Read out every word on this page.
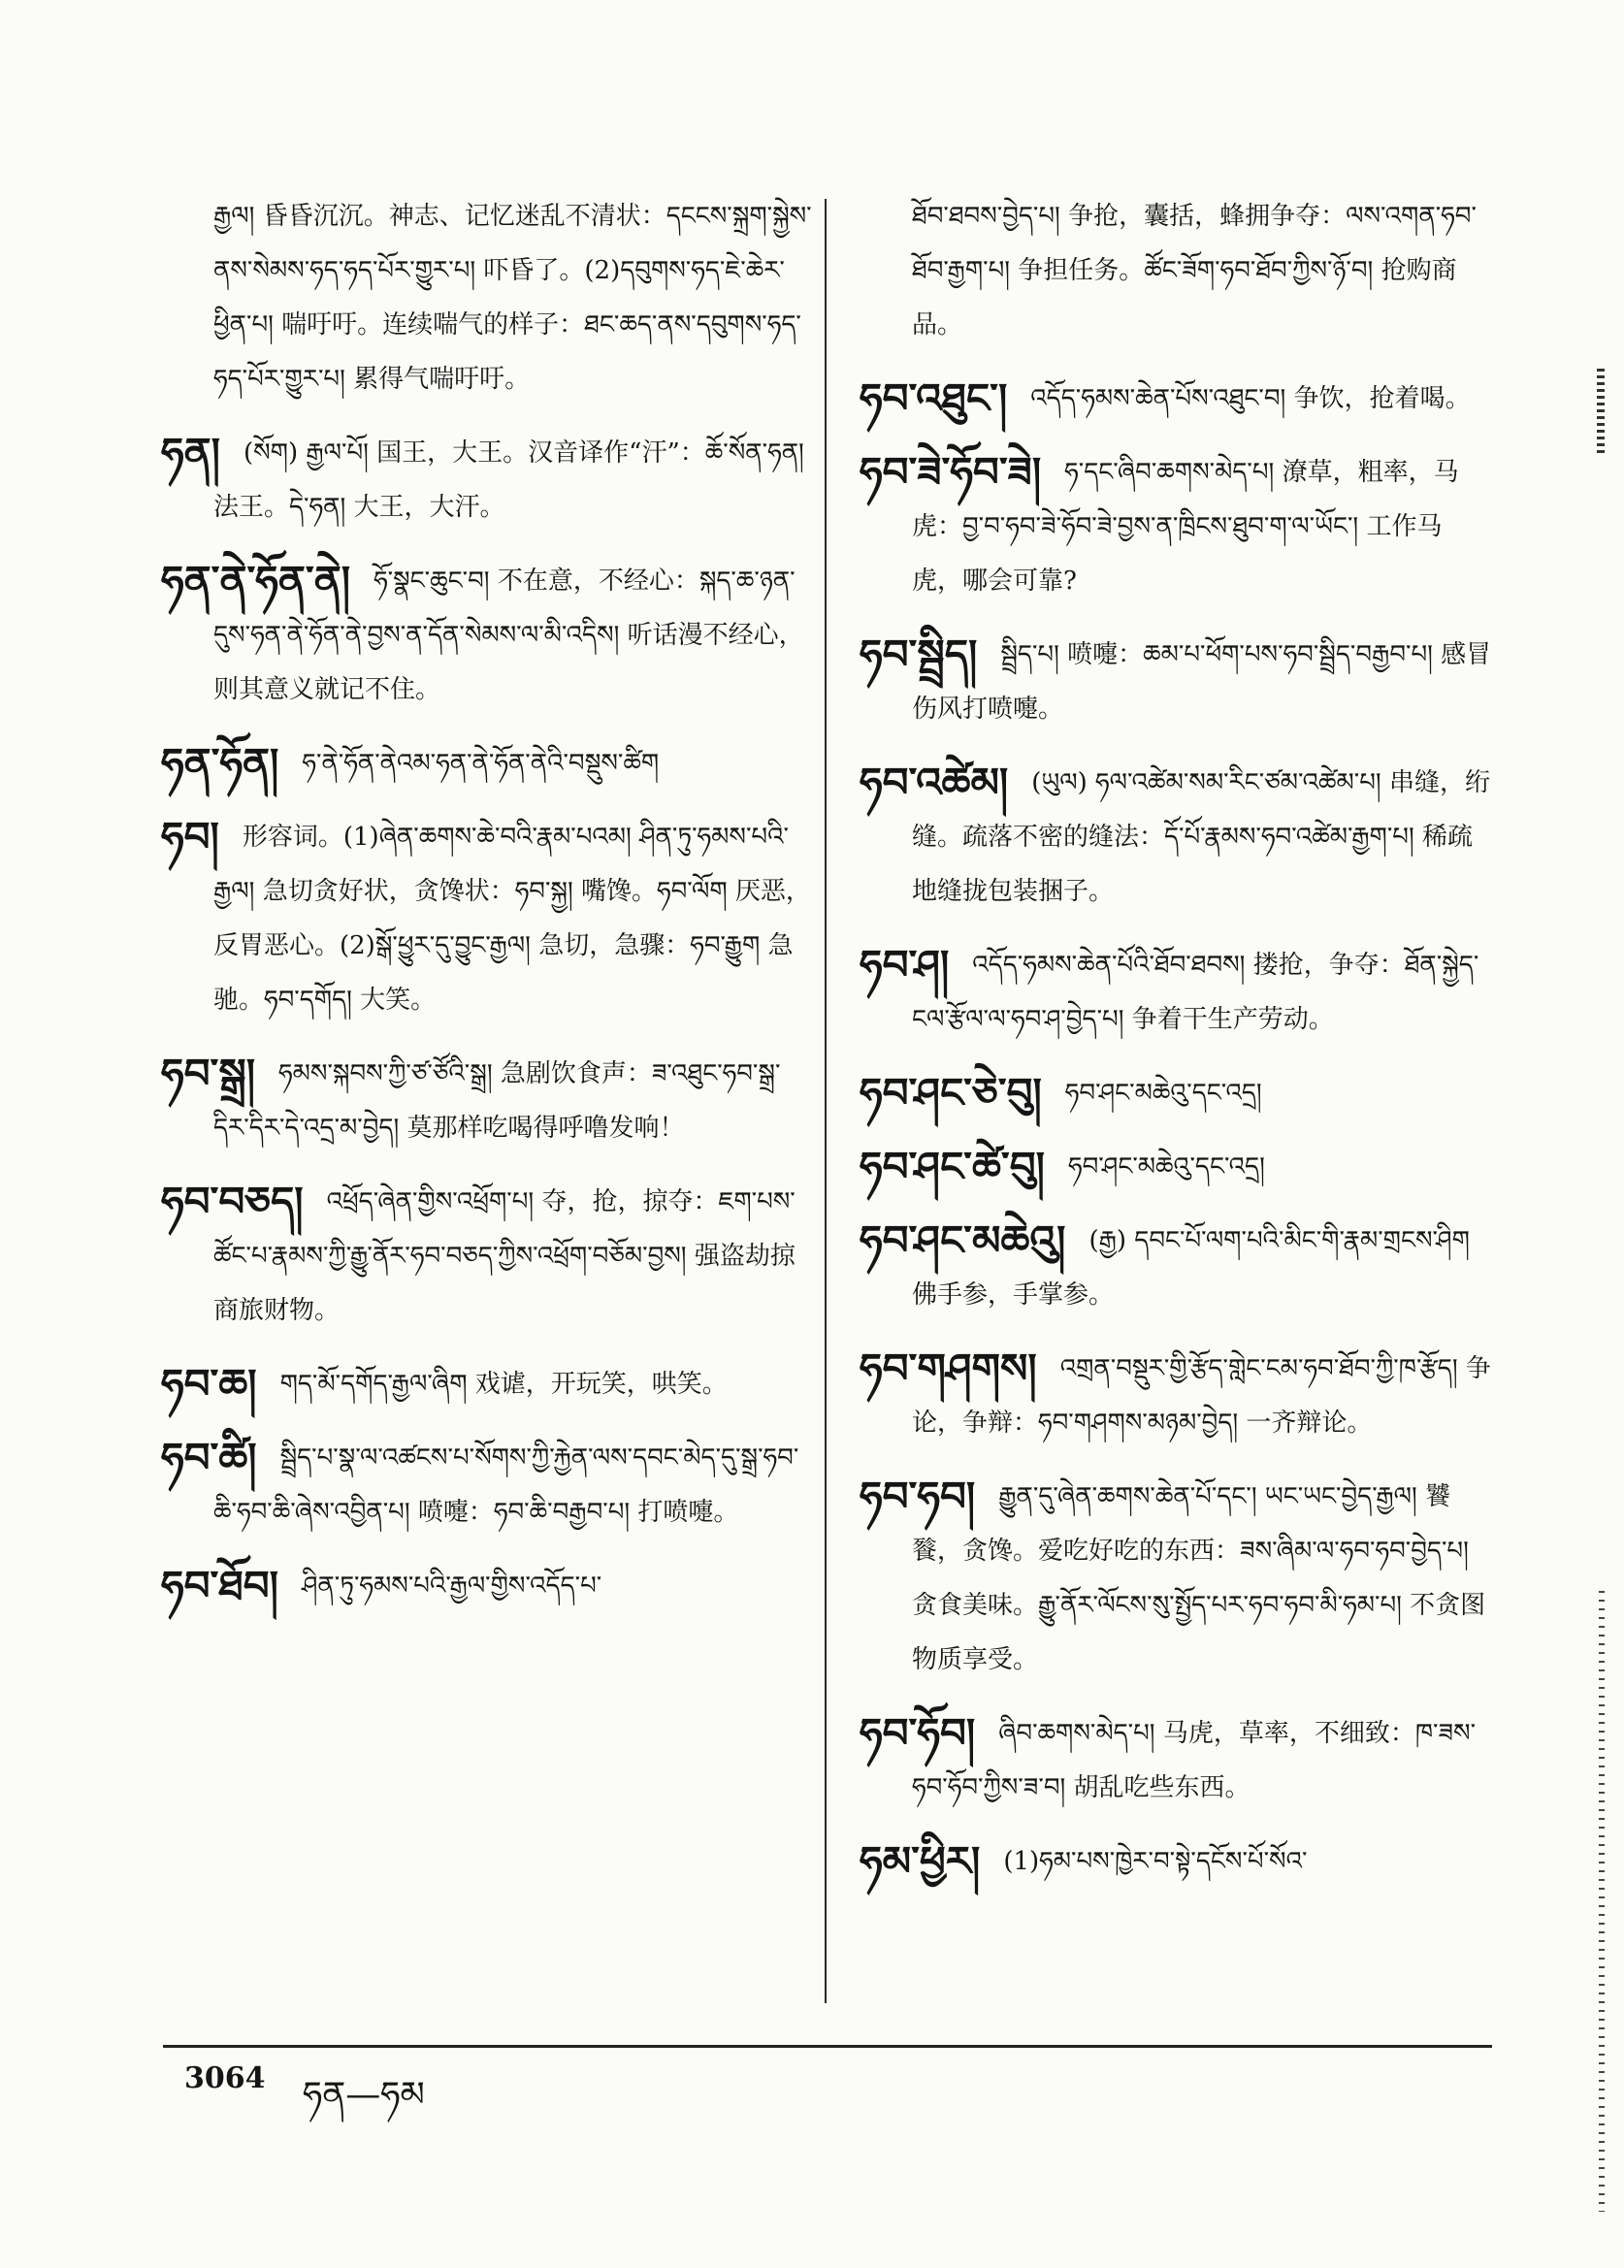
རྒྱལ། 昏昏沉沉。神志、记忆迷乱不清状：དངངས་སྐྲག་སྐྱེས་ནས་སེམས་ཧད་ཧད་པོར་གྱུར་པ། 吓昏了。(2)དབུགས་ཧད་ཇེ་ཆེར་ཕྱིན་པ། 喘吁吁。连续喘气的样子：ཐང་ཆད་ནས་དབུགས་ཧད་ཧད་པོར་གྱུར་པ། 累得气喘吁吁。
ཧན། (སོག) རྒྱལ་པོ། 国王，大王。汉音译作“汗”：ཆོ་སོན་ཧན། 法王。དེ་ཧན། 大王，大汗。
ཧན་ནེ་ཧོན་ནེ། ཧོ་སྣང་ཆུང་བ། 不在意，不经心：སྐད་ཆ་ཉན་དུས་ཧན་ནེ་ཧོན་ནེ་བྱས་ན་དོན་སེམས་ལ་མི་འདིས། 听话漫不经心，则其意义就记不住。
ཧན་ཧོན། ཧ་ནེ་ཧོན་ནེའམ་ཧན་ནེ་ཧོན་ནེའི་བསྡུས་ཚིག
ཧབ། 形容词。(1)ཞེན་ཆགས་ཆེ་བའི་རྣམ་པའམ། ཤིན་ཏུ་ཧམས་པའི་རྒྱལ། 急切贪好状，贪馋状：ཧབ་སྐྱ། 嘴馋。ཧབ་ལོག 厌恶，反胃恶心。(2)སྒོ་ཕྱུར་དུ་བྱུང་རྒྱལ། 急切，急骤：ཧབ་རྒྱུག 急驰。ཧབ་དགོད། 大笑。
ཧབ་སྒྲ། ཧམས་སྐབས་ཀྱི་ཙ་ཙོའི་སྒྲ། 急剧饮食声：ཟ་འཐུང་ཧབ་སྒྲ་དིར་དིར་དེ་འདྲ་མ་བྱེད། 莫那样吃喝得呼噜发响！
ཧབ་བཅད། འཕྲོད་ཞེན་གྱིས་འཕྲོག་པ། 夺，抢，掠夺：ཇག་པས་ཚོང་པ་རྣམས་ཀྱི་རྒྱུ་ནོར་ཧབ་བཅད་ཀྱིས་འཕྲོག་བཅོམ་བྱས། 强盗劫掠商旅财物。
ཧབ་ཆ། གད་མོ་དགོད་རྒྱལ་ཞིག 戏谑，开玩笑，哄笑。
ཧབ་ཚི། སྦྲིད་པ་སྣ་ལ་འཚངས་པ་སོགས་ཀྱི་རྐྱེན་ལས་དབང་མེད་དུ་སྒྲ་ཧབ་ཆི་ཧབ་ཆི་ཞེས་འབྱིན་པ། 喷嚏：ཧབ་ཆི་བརྒྱབ་པ། 打喷嚏。
ཧབ་ཐོབ། ཤིན་ཏུ་ཧམས་པའི་རྒྱལ་གྱིས་འདོད་པ་
ཐོབ་ཐབས་བྱེད་པ། 争抢，囊括，蜂拥争夺：ལས་འགན་ཧབ་ཐོབ་རྒྱག་པ། 争担任务。ཚོང་ཟོག་ཧབ་ཐོབ་ཀྱིས་ཉོ་བ། 抢购商品。
ཧབ་འཐུང་། འདོད་ཧམས་ཆེན་པོས་འཐུང་བ། 争饮，抢着喝。
ཧབ་ཟེ་ཧོབ་ཟེ། ཧ་དང་ཞིབ་ཆགས་མེད་པ། 潦草，粗率，马虎：བྱ་བ་ཧབ་ཟེ་ཧོབ་ཟེ་བྱས་ན་ཁྲིངས་ཐུབ་ག་ལ་ཡོང་། 工作马虎，哪会可靠?
ཧབ་སྦྲིད། སྦྲིད་པ། 喷嚏：ཆམ་པ་ཕོག་པས་ཧབ་སྦྲིད་བརྒྱབ་པ། 感冒伤风打喷嚏。
ཧབ་འཚེམ། (ཡུལ) ཧལ་འཚེམ་སམ་རིང་ཙམ་འཚེམ་པ། 串缝，绗缝。疏落不密的缝法：དོ་པོ་རྣམས་ཧབ་འཚེམ་རྒྱག་པ། 稀疏地缝拢包装捆子。
ཧབ་ཤ། འདོད་ཧམས་ཆེན་པོའི་ཐོབ་ཐབས། 搂抢，争夺：ཐོན་སྐྱེད་ངལ་རྩོལ་ལ་ཧབ་ཤ་བྱེད་པ། 争着干生产劳动。
ཧབ་ཤང་ཅེ་བུ། ཧབ་ཤང་མཆེའུ་དང་འདྲ།
ཧབ་ཤང་ཚེ་བུ། ཧབ་ཤང་མཆེའུ་དང་འདྲ།
ཧབ་ཤང་མཆེའུ། (རྒྱ) དབང་པོ་ལག་པའི་མིང་གི་རྣམ་གྲངས་ཤིག 佛手参，手掌参。
ཧབ་གཤགས། འགྲན་བསྡུར་གྱི་རྩོད་གླེང་ངམ་ཧབ་ཐོབ་ཀྱི་ཁ་རྩོད། 争论，争辩：ཧབ་གཤགས་མཉམ་བྱེད། 一齐辩论。
ཧབ་ཧབ། རྒྱུན་དུ་ཞེན་ཆགས་ཆེན་པོ་དང་། ཡང་ཡང་བྱེད་རྒྱལ། 饕餮，贪馋。爱吃好吃的东西：ཟས་ཞིམ་ལ་ཧབ་ཧབ་བྱེད་པ། 贪食美味。རྒྱུ་ནོར་ལོངས་སུ་སྤྱོད་པར་ཧབ་ཧབ་མི་ཧམ་པ། 不贪图物质享受。
ཧབ་ཧོབ། ཞིབ་ཆགས་མེད་པ། 马虎，草率，不细致：ཁ་ཟས་ཧབ་ཧོབ་ཀྱིས་ཟ་བ། 胡乱吃些东西。
ཧམ་ཕྱིར། (1)ཧམ་པས་ཁྱེར་བ་སྟེ་དངོས་པོ་སོའ་
3064 ཧན—ཧམ
